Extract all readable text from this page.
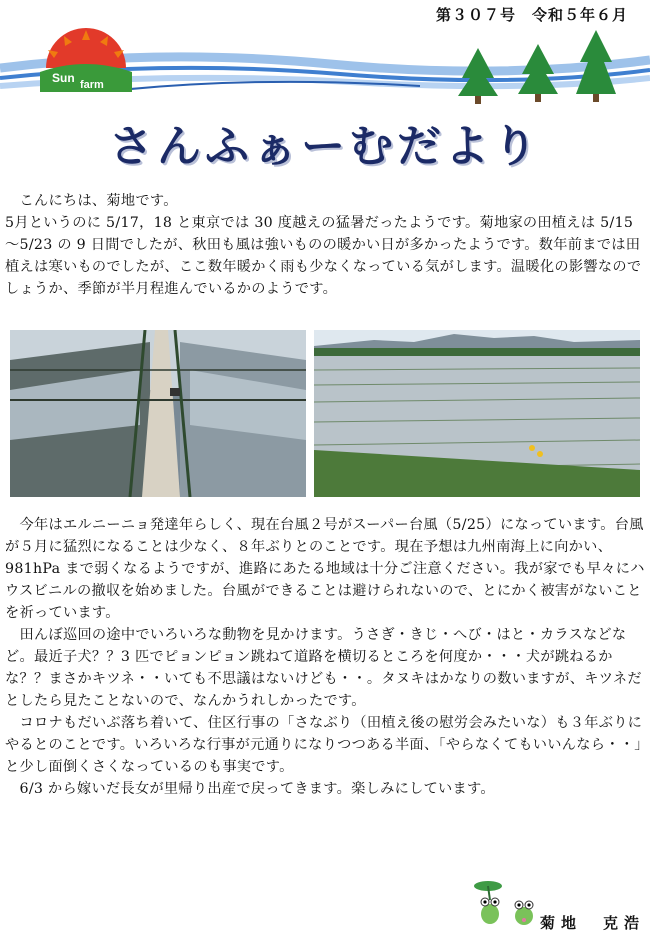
第３０７号　令和５年６月
Sun farm
さんふぁーむだより

　こんにちは、菊地です。

5月というのに 5/17，18 と東京では 30 度越えの猛暑だったようです。菊地家の田植えは 5/15～5/23 の 9 日間でしたが、秋田も風は強いものの暖かい日が多かったようです。数年前までは田植えは寒いものでしたが、ここ数年暖かく雨も少なくなっている気がします。温暖化の影響なのでしょうか、季節が半月程進んでいるかのようです。

　今年はエルニーニョ発達年らしく、現在台風２号がスーパー台風（5/25）になっています。台風が５月に猛烈になることは少なく、８年ぶりとのことです。現在予想は九州南海上に向かい、981hPa まで弱くなるようですが、進路にあたる地域は十分ご注意ください。我が家でも早々にハウスビニルの撤収を始めました。台風ができることは避けられないので、とにかく被害がないことを祈っています。

　田んぼ巡回の途中でいろいろな動物を見かけます。うさぎ・きじ・へび・はと・カラスなどなど。最近子犬？？3 匹でピョンピョン跳ねて道路を横切るところを何度か・・・犬が跳ねるかな？？まさかキツネ・・いても不思議はないけども・・。タヌキはかなりの数いますが、キツネだとしたら見たことないので、なんかうれしかったです。

　コロナもだいぶ落ち着いて、住区行事の「さなぶり（田植え後の慰労会みたいな）も３年ぶりにやるとのことです。いろいろな行事が元通りになりつつある半面、「やらなくてもいいんなら・・」と少し面倒くさくなっているのも事実です。

　6/3 から嫁いだ長女が里帰り出産で戻ってきます。楽しみにしています。

菊地　克浩
